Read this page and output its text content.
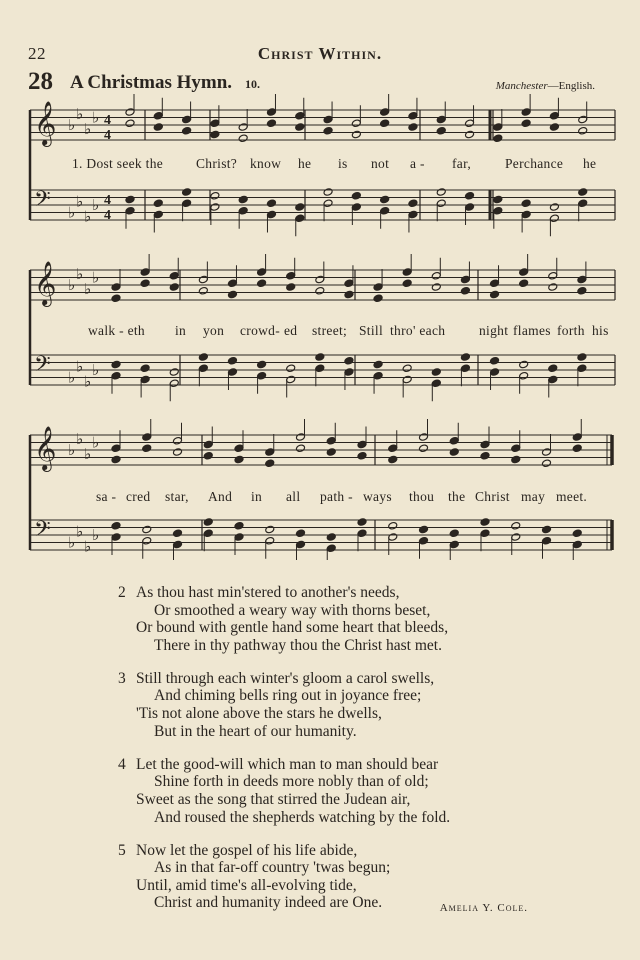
22	Christ Within.
28 A Christmas Hymn. 10.	Manchester—English.
𝄞 ♭
♭
♭
♭ 4
4
𝄢 ♭
♭
♭
♭ 4
4
𝄞 ♭
♭
♭
♭
𝄢 ♭
♭
♭
♭
𝄞 ♭
♭
♭
♭
𝄢 ♭
♭
♭
♭
1. Dost seek the Christ? know he is not a - far,	Perchance he
walk - eth in yon crowd- ed street; Still thro' each night flames forth his
sa - cred star, And in all path - ways thou the Christ may meet.
2 As thou hast min'stered to another's needs,
Or smoothed a weary way with thorns beset,
Or bound with gentle hand some heart that bleeds,
There in thy pathway thou the Christ hast met.
3 Still through each winter's gloom a carol swells,
And chiming bells ring out in joyance free;
'Tis not alone above the stars he dwells,
But in the heart of our humanity.
4 Let the good-will which man to man should bear
Shine forth in deeds more nobly than of old;
Sweet as the song that stirred the Judean air,
And roused the shepherds watching by the fold.
5 Now let the gospel of his life abide,
As in that far-off country 'twas begun;
Until, amid time's all-evolving tide,
Christ and humanity indeed are One.	Amelia Y. Cole.
